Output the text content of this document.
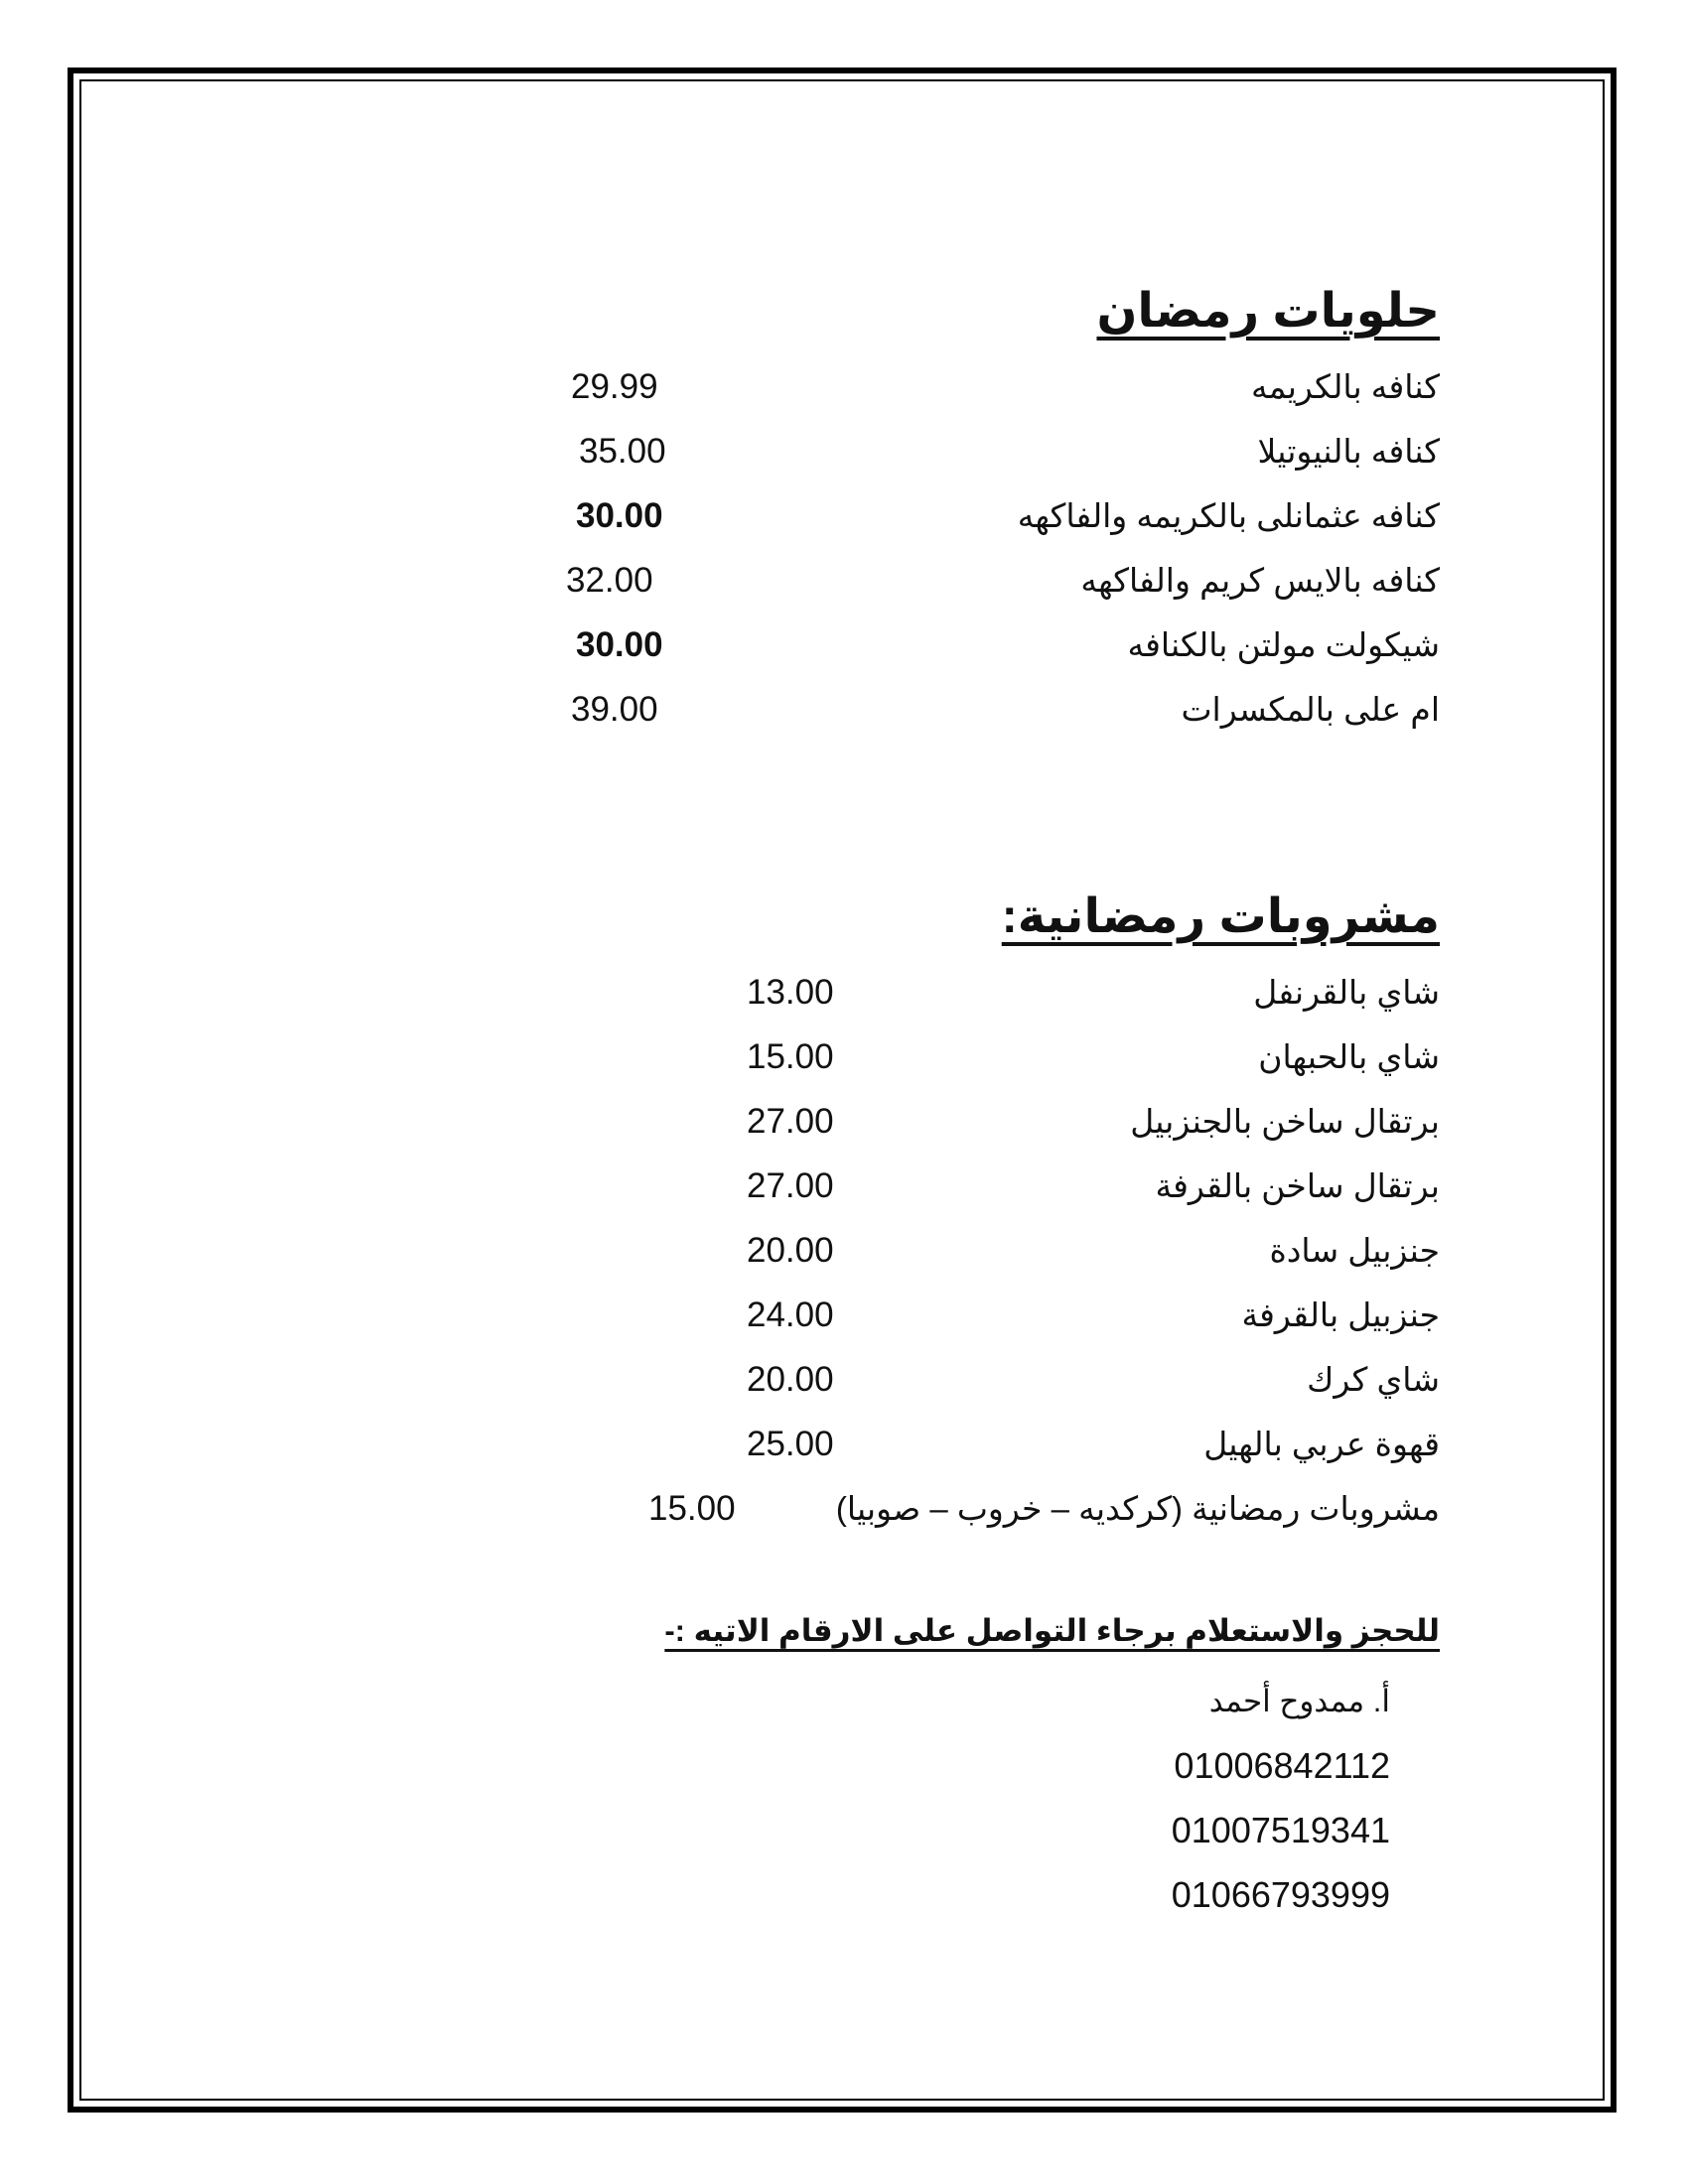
حلويات رمضان
كنافه بالكريمه
29.99
كنافه بالنيوتيلا
35.00
كنافه عثمانلى بالكريمه والفاكهه
30.00
كنافه بالايس كريم والفاكهه
32.00
شيكولت مولتن بالكنافه
30.00
ام على بالمكسرات
39.00
مشروبات رمضانية:
شاي بالقرنفل
13.00
شاي بالحبهان
15.00
برتقال ساخن بالجنزبيل
27.00
برتقال ساخن بالقرفة
27.00
جنزبيل سادة
20.00
جنزبيل بالقرفة
24.00
شاي كرك
20.00
قهوة عربي بالهيل
25.00
مشروبات رمضانية (كركديه – خروب – صوبيا)
15.00
للحجز والاستعلام برجاء التواصل على الارقام الاتيه :-
أ. ممدوح أحمد
01006842112
01007519341
01066793999
